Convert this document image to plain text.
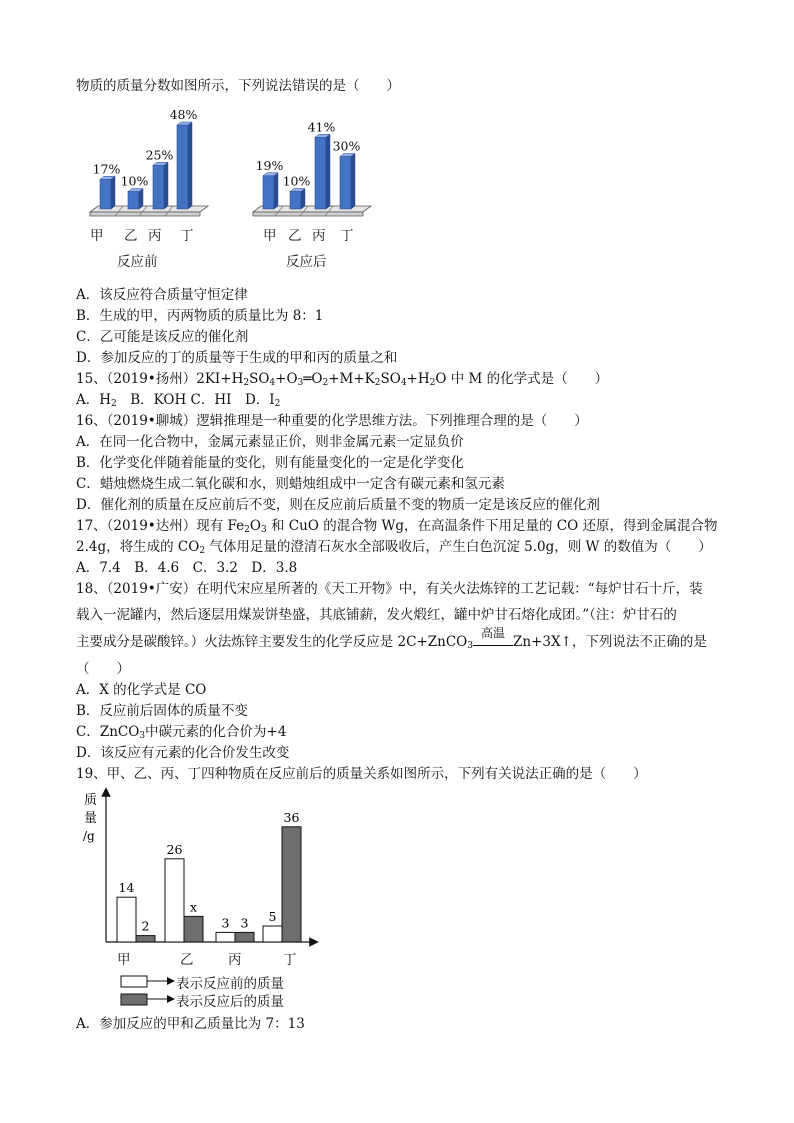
物质的质量分数如图所示，下列说法错误的是（　　）
17%
10%
25%
48%
甲 乙 丙 丁
反应前
19%
10%
41%
30%
甲 乙 丙 丁
反应后
A．该反应符合质量守恒定律
B．生成的甲，丙两物质的质量比为 8：1
C．乙可能是该反应的催化剂
D．参加反应的丁的质量等于生成的甲和丙的质量之和
15、（2019•扬州）$2KI+H_2SO_4+O_3═O_2+M+K_2SO_4+H_2O$ 中 M 的化学式是（　　）
A．$H_2$　 B．KOH C．HI　 D．$I_2$
16、（2019•聊城）逻辑推理是一种重要的化学思维方法。下列推理合理的是（　　）
A．在同一化合物中，金属元素显正价，则非金属元素一定显负价
B．化学变化伴随着能量的变化，则有能量变化的一定是化学变化
C．蜡烛燃烧生成二氧化碳和水，则蜡烛组成中一定含有碳元素和氢元素
D．催化剂的质量在反应前后不变，则在反应前后质量不变的物质一定是该反应的催化剂
17、（2019•达州）现有 $Fe_2O_3$ 和 CuO 的混合物 Wg，在高温条件下用足量的 CO 还原，得到金属混合物
2.4g，将生成的 $CO_2$ 气体用足量的澄清石灰水全部吸收后，产生白色沉淀 5.0g，则 W 的数值为（　　）
A．7.4　B．4.6　C．3.2　D．3.8
18、（2019•广安）在明代宋应星所著的《天工开物》中，有关火法炼锌的工艺记载：“每炉甘石十斤，装
载入一泥罐内，然后逐层用煤炭饼垫盛，其底铺薪，发火煅红，罐中炉甘石熔化成团。”（注：炉甘石的
主要成分是碳酸锌。）火法炼锌主要发生的化学反应是 2C+ZnCO$_3$
高温
Zn+3X↑，下列说法不正确的是
（　　）
A．X 的化学式是 CO
B．反应前后固体的质量不变
C．ZnCO$_3$中碳元素的化合价为+4
D．该反应有元素的化合价发生改变
19、甲、乙、丙、丁四种物质在反应前后的质量关系如图所示，下列有关说法正确的是（　　）
质
量
/g
14
26
3	5
2
x
3
36
甲	乙	丙	丁
表示反应前的质量
表示反应后的质量
A．参加反应的甲和乙质量比为 7：13
